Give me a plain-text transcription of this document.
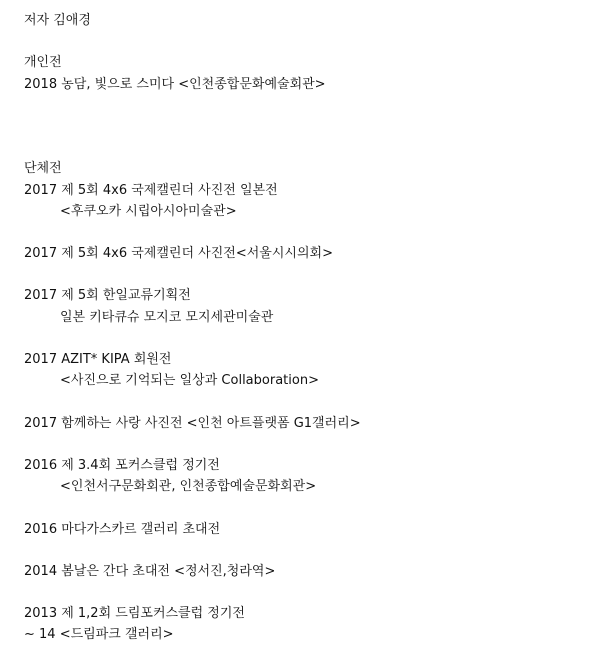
저자 김애경
개인전
2018 농담, 빛으로 스미다 <인천종합문화예술회관>
단체전
2017 제 5회 4x6 국제캘린더 사진전 일본전
<후쿠오카 시립아시아미술관>
2017 제 5회 4x6 국제캘린더 사진전<서울시시의회>
2017 제 5회 한일교류기획전
일본 키타큐슈 모지코 모지세관미술관
2017 AZIT* KIPA 회원전
<사진으로 기억되는 일상과 Collaboration>
2017 함께하는 사랑 사진전 <인천 아트플랫폼 G1갤러리>
2016 제 3.4회 포커스클럽 정기전
<인천서구문화회관, 인천종합예술문화회관>
2016 마다가스카르 갤러리 초대전
2014 봄날은 간다 초대전 <정서진,청라역>
2013 제 1,2회 드림포커스클럽 정기전
~ 14 <드림파크 갤러리>
